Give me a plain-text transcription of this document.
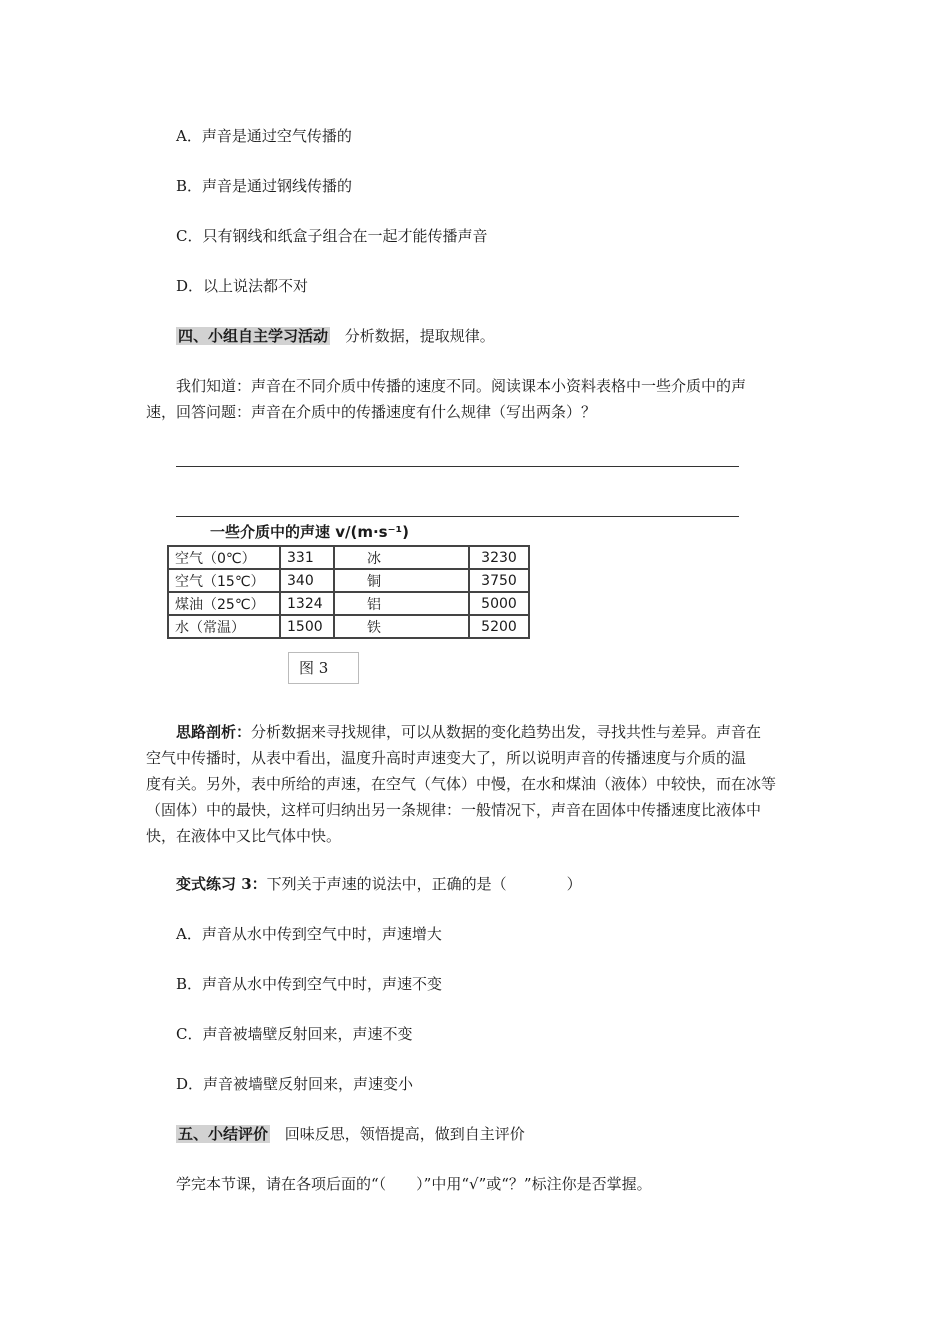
A．声音是通过空气传播的
B．声音是通过钢线传播的
C．只有钢线和纸盒子组合在一起才能传播声音
D．以上说法都不对
四、小组自主学习活动 分析数据，提取规律。
我们知道：声音在不同介质中传播的速度不同。阅读课本小资料表格中一些介质中的声
速，回答问题：声音在介质中的传播速度有什么规律（写出两条）？
一些介质中的声速 v/(m·s⁻¹)
空气（0℃）	331	冰	3230
空气（15℃）	340	铜	3750
煤油（25℃）	1324	铝	5000
水（常温）	1500	铁	5200
图 3
思路剖析：分析数据来寻找规律，可以从数据的变化趋势出发，寻找共性与差异。声音在
空气中传播时，从表中看出，温度升高时声速变大了，所以说明声音的传播速度与介质的温
度有关。另外，表中所给的声速，在空气（气体）中慢，在水和煤油（液体）中较快，而在冰等
（固体）中的最快，这样可归纳出另一条规律：一般情况下，声音在固体中传播速度比液体中
快，在液体中又比气体中快。
变式练习 3：下列关于声速的说法中，正确的是（　　　　）
A．声音从水中传到空气中时，声速增大
B．声音从水中传到空气中时，声速不变
C．声音被墙壁反射回来，声速不变
D．声音被墙壁反射回来，声速变小
五、小结评价 回味反思，领悟提高，做到自主评价
学完本节课，请在各项后面的“（　　）”中用“√”或“？”标注你是否掌握。
